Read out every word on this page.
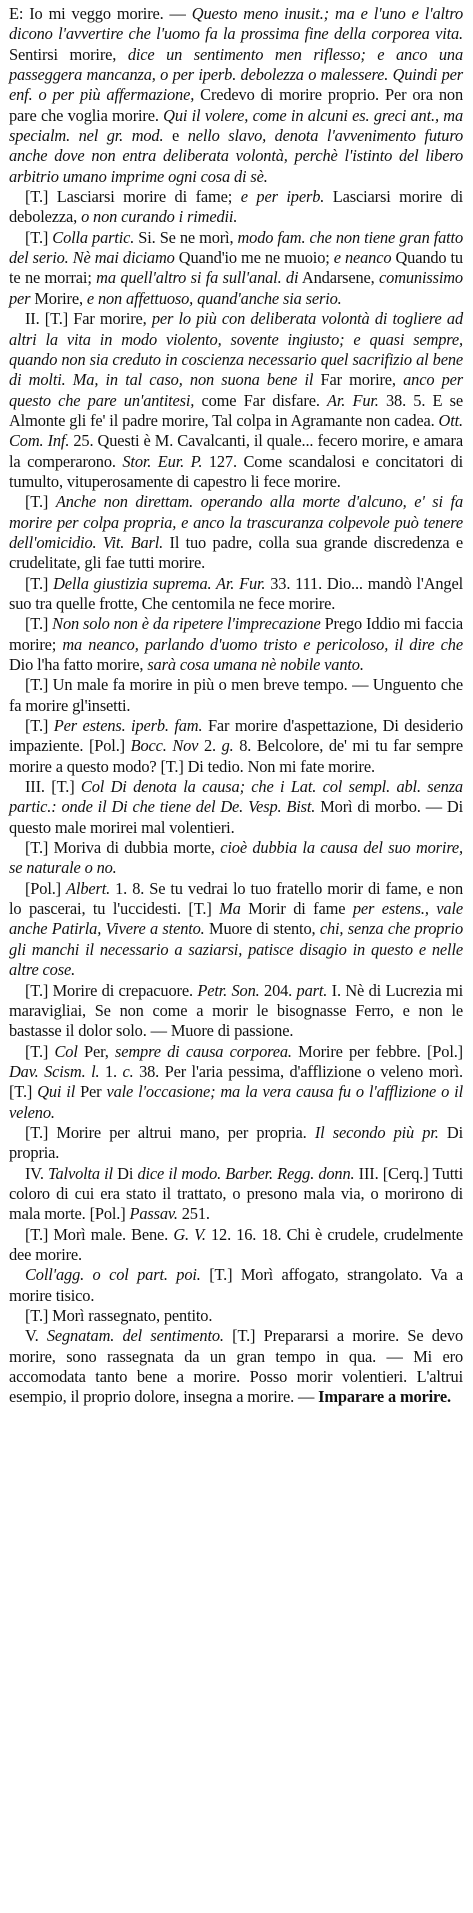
E: Io mi veggo morire. — Questo meno inusit.; ma e l'uno e l'altro dicono l'avvertire che l'uomo fa la prossima fine della corporea vita. Sentirsi morire, dice un sentimento men riflesso; e anco una passeggera mancanza, o per iperb. debolezza o malessere. Quindi per enf. o per più affermazione, Credevo di morire proprio. Per ora non pare che voglia morire. Qui il volere, come in alcuni es. greci ant., ma specialm. nel gr. mod. e nello slavo, denota l'avvenimento futuro anche dove non entra deliberata volontà, perchè l'istinto del libero arbitrio umano imprime ogni cosa di sè.

[T.] Lasciarsi morire di fame; e per iperb. Lasciarsi morire di debolezza, o non curando i rimedii.

[T.] Colla partic. Si. Se ne morì, modo fam. che non tiene gran fatto del serio. Nè mai diciamo Quand'io me ne muoio; e neanco Quando tu te ne morrai; ma quell'altro si fa sull'anal. di Andarsene, comunissimo per Morire, e non affettuoso, quand'anche sia serio.

II. [T.] Far morire, per lo più con deliberata volontà di togliere ad altri la vita in modo violento, sovente ingiusto; e quasi sempre, quando non sia creduto in coscienza necessario quel sacrifizio al bene di molti. Ma, in tal caso, non suona bene il Far morire, anco per questo che pare un'antitesi, come Far disfare. Ar. Fur. 38. 5. E se Almonte gli fe' il padre morire, Tal colpa in Agramante non cadea. Ott. Com. Inf. 25. Questi è M. Cavalcanti, il quale... fecero morire, e amara la comperarono. Stor. Eur. P. 127. Come scandalosi e concitatori di tumulto, vituperosamente di capestro li fece morire.

[T.] Anche non direttam. operando alla morte d'alcuno, e' si fa morire per colpa propria, e anco la trascuranza colpevole può tenere dell'omicidio. Vit. Barl. Il tuo padre, colla sua grande discredenza e crudelitate, gli fae tutti morire.

[T.] Della giustizia suprema. Ar. Fur. 33. 111. Dio... mandò l'Angel suo tra quelle frotte, Che centomila ne fece morire.

[T.] Non solo non è da ripetere l'imprecazione Prego Iddio mi faccia morire; ma neanco, parlando d'uomo tristo e pericoloso, il dire che Dio l'ha fatto morire, sarà cosa umana nè nobile vanto.

[T.] Un male fa morire in più o men breve tempo. — Unguento che fa morire gl'insetti.

[T.] Per estens. iperb. fam. Far morire d'aspettazione, Di desiderio impaziente. [Pol.] Bocc. Nov 2. g. 8. Belcolore, de' mi tu far sempre morire a questo modo? [T.] Di tedio. Non mi fate morire.

III. [T.] Col Di denota la causa; che i Lat. col sempl. abl. senza partic.: onde il Di che tiene del De. Vesp. Bist. Morì di morbo. — Di questo male morirei mal volentieri.

[T.] Moriva di dubbia morte, cioè dubbia la causa del suo morire, se naturale o no.

[Pol.] Albert. 1. 8. Se tu vedrai lo tuo fratello morir di fame, e non lo pascerai, tu l'uccidesti. [T.] Ma Morir di fame per estens., vale anche Patirla, Vivere a stento. Muore di stento, chi, senza che proprio gli manchi il necessario a saziarsi, patisce disagio in questo e nelle altre cose.

[T.] Morire di crepacuore. Petr. Son. 204. part. I. Nè di Lucrezia mi maravigliai, Se non come a morir le bisognasse Ferro, e non le bastasse il dolor solo. — Muore di passione.

[T.] Col Per, sempre di causa corporea. Morire per febbre. [Pol.] Dav. Scism. l. 1. c. 38. Per l'aria pessima, d'afflizione o veleno morì. [T.] Qui il Per vale l'occasione; ma la vera causa fu o l'afflizione o il veleno.

[T.] Morire per altrui mano, per propria. Il secondo più pr. Di propria.

IV. Talvolta il Di dice il modo. Barber. Regg. donn. III. [Cerq.] Tutti coloro di cui era stato il trattato, o presono mala via, o morirono di mala morte. [Pol.] Passav. 251.

[T.] Morì male. Bene. G. V. 12. 16. 18. Chi è crudele, crudelmente dee morire.

Coll'agg. o col part. poi. [T.] Morì affogato, strangolato. Va a morire tisico.

[T.] Morì rassegnato, pentito.

V. Segnatam. del sentimento. [T.] Prepararsi a morire. Se devo morire, sono rassegnata da un gran tempo in qua. — Mi ero accomodata tanto bene a morire. Posso morir volentieri. L'altrui esempio, il proprio dolore, insegna a morire. — Imparare a morire.
